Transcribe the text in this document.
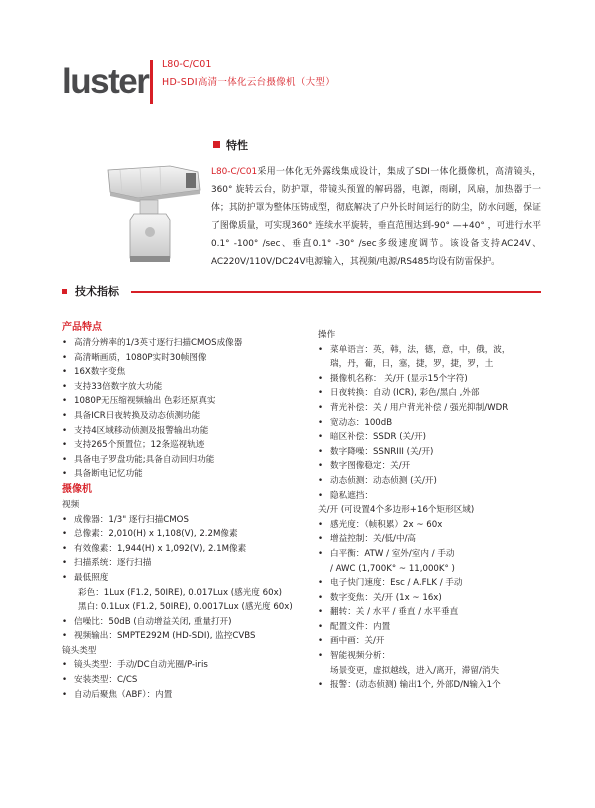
luster L80-C/C01
HD-SDI高清一体化云台摄像机（大型）
特性
L80-C/C01采用一体化无外露线集成设计，集成了SDI一体化摄像机，高清镜头，360° 旋转云台，防护罩，带镜头预置的解码器，电源，雨刷，风扇，加热器于一体；其防护罩为整体压铸成型，彻底解决了户外长时间运行的防尘，防水问题，保证了图像质量，可实现360° 连续水平旋转，垂直范围达到-90° —+40° ，可进行水平0.1° -100° /sec、垂直0.1° -30° /sec多级速度调节。该设备支持AC24V、AC220V/110V/DC24V电源输入，其视频/电源/RS485均设有防雷保护。
技术指标
产品特点
• 高清分辨率的1/3英寸逐行扫描CMOS成像器
• 高清晰画质，1080P实时30帧图像
• 16X数字变焦
• 支持33倍数字放大功能
• 1080P无压缩视频输出 色彩还原真实
• 具备ICR日夜转换及动态侦测功能
• 支持4区域移动侦测及报警输出功能
• 支持265个预置位；12条巡视轨迹
• 具备电子罗盘功能;具备自动回归功能
• 具备断电记忆功能
摄像机
视频
• 成像器：1/3" 逐行扫描CMOS
• 总像素：2,010(H) x 1,108(V), 2.2M像素
• 有效像素：1,944(H) x 1,092(V), 2.1M像素
• 扫描系统：逐行扫描
• 最低照度
彩色：1Lux (F1.2, 50IRE), 0.017Lux (感光度 60x)
黑白: 0.1Lux (F1.2, 50IRE), 0.0017Lux (感光度 60x)
• 信噪比：50dB (自动增益关闭, 重量打开)
• 视频输出：SMPTE292M (HD-SDI), 监控CVBS
镜头类型
• 镜头类型：手动/DC自动光圈/P-iris
• 安装类型：C/CS
• 自动后聚焦（ABF）：内置
操作
• 菜单语言：英，韩，法，德，意，中，俄，波，
瑞，丹，葡，日，塞，捷，罗，捷，罗，土
• 摄像机名称： 关/开 (显示15个字符)
• 日夜转换：自动 (ICR), 彩色/黑白 ,外部
• 背光补偿：关 / 用户背光补偿 / 强光抑制/WDR
• 宽动态：100dB
• 暗区补偿：SSDR (关/开)
• 数字降噪：SSNRIII (关/开)
• 数字图像稳定：关/开
• 动态侦测：动态侦测 (关/开)
• 隐私遮挡：
关/开 (可设置4个多边形+16个矩形区域)
• 感光度：（帧积累）2x ~ 60x
• 增益控制：关/低/中/高
• 白平衡：ATW / 室外/室内 / 手动
/ AWC (1,700K° ~ 11,000K° )
• 电子快门速度：Esc / A.FLK / 手动
• 数字变焦：关/开 (1x ~ 16x)
• 翻转：关 / 水平 / 垂直 / 水平垂直
• 配置文件：内置
• 画中画：关/开
• 智能视频分析：
场景变更，虚拟越线，进入/离开，滞留/消失
• 报警：(动态侦测) 输出1个, 外部D/N输入1个
